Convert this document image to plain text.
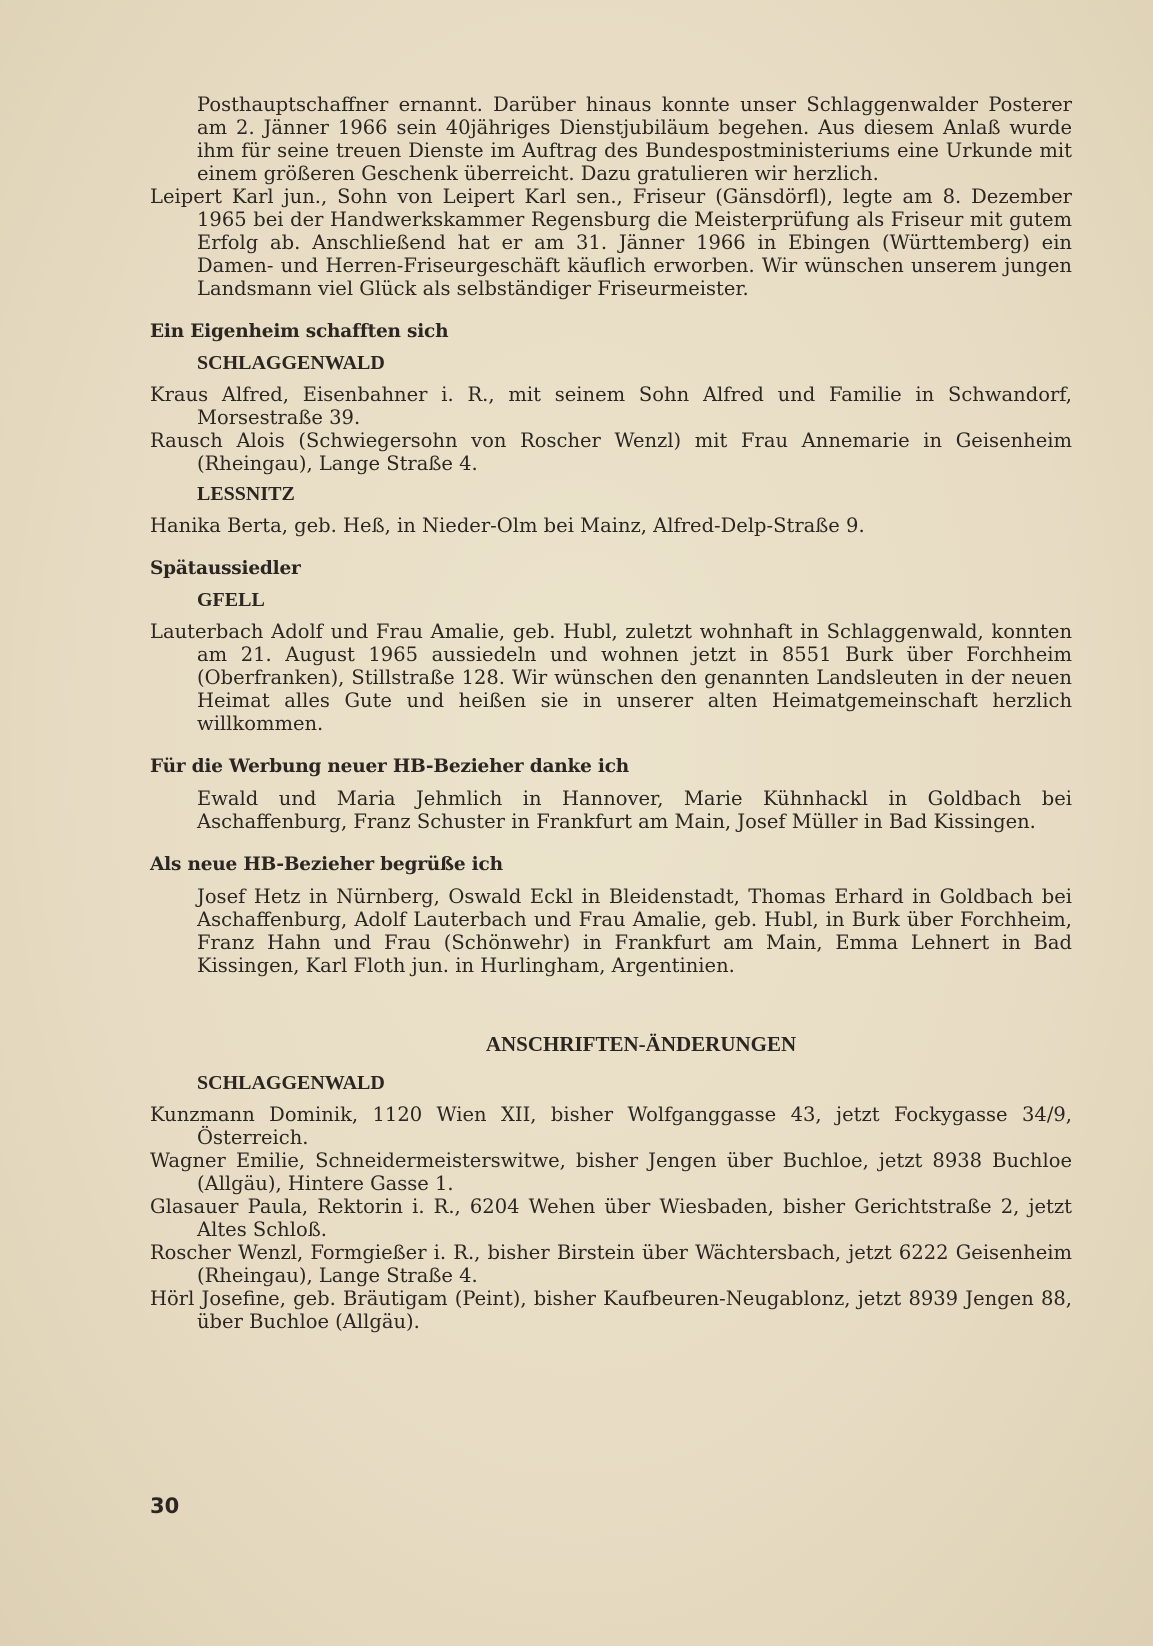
Posthauptschaffner ernannt. Darüber hinaus konnte unser Schlaggenwalder Posterer am 2. Jänner 1966 sein 40jähriges Dienstjubiläum begehen. Aus diesem Anlaß wurde ihm für seine treuen Dienste im Auftrag des Bundespostministeriums eine Urkunde mit einem größeren Geschenk überreicht. Dazu gratulieren wir herzlich.

Leipert Karl jun., Sohn von Leipert Karl sen., Friseur (Gänsdörfl), legte am 8. Dezember 1965 bei der Handwerkskammer Regensburg die Meisterprüfung als Friseur mit gutem Erfolg ab. Anschließend hat er am 31. Jänner 1966 in Ebingen (Württemberg) ein Damen- und Herren-Friseurgeschäft käuflich erworben. Wir wünschen unserem jungen Landsmann viel Glück als selbständiger Friseurmeister.

Ein Eigenheim schafften sich
SCHLAGGENWALD

Kraus Alfred, Eisenbahner i. R., mit seinem Sohn Alfred und Familie in Schwandorf, Morsestraße 39.

Rausch Alois (Schwiegersohn von Roscher Wenzl) mit Frau Annemarie in Geisenheim (Rheingau), Lange Straße 4.

LESSNITZ

Hanika Berta, geb. Heß, in Nieder-Olm bei Mainz, Alfred-Delp-Straße 9.

Spätaussiedler
GFELL

Lauterbach Adolf und Frau Amalie, geb. Hubl, zuletzt wohnhaft in Schlaggenwald, konnten am 21. August 1965 aussiedeln und wohnen jetzt in 8551 Burk über Forchheim (Oberfranken), Stillstraße 128. Wir wünschen den genannten Landsleuten in der neuen Heimat alles Gute und heißen sie in unserer alten Heimatgemeinschaft herzlich willkommen.

Für die Werbung neuer HB-Bezieher danke ich

Ewald und Maria Jehmlich in Hannover, Marie Kühnhackl in Goldbach bei Aschaffenburg, Franz Schuster in Frankfurt am Main, Josef Müller in Bad Kissingen.

Als neue HB-Bezieher begrüße ich

Josef Hetz in Nürnberg, Oswald Eckl in Bleidenstadt, Thomas Erhard in Goldbach bei Aschaffenburg, Adolf Lauterbach und Frau Amalie, geb. Hubl, in Burk über Forchheim, Franz Hahn und Frau (Schönwehr) in Frankfurt am Main, Emma Lehnert in Bad Kissingen, Karl Floth jun. in Hurlingham, Argentinien.

ANSCHRIFTEN-ÄNDERUNGEN
SCHLAGGENWALD

Kunzmann Dominik, 1120 Wien XII, bisher Wolfganggasse 43, jetzt Fockygasse 34/9, Österreich.

Wagner Emilie, Schneidermeisterswitwe, bisher Jengen über Buchloe, jetzt 8938 Buchloe (Allgäu), Hintere Gasse 1.

Glasauer Paula, Rektorin i. R., 6204 Wehen über Wiesbaden, bisher Gerichtstraße 2, jetzt Altes Schloß.

Roscher Wenzl, Formgießer i. R., bisher Birstein über Wächtersbach, jetzt 6222 Geisenheim (Rheingau), Lange Straße 4.

Hörl Josefine, geb. Bräutigam (Peint), bisher Kaufbeuren-Neugablonz, jetzt 8939 Jengen 88, über Buchloe (Allgäu).

30
